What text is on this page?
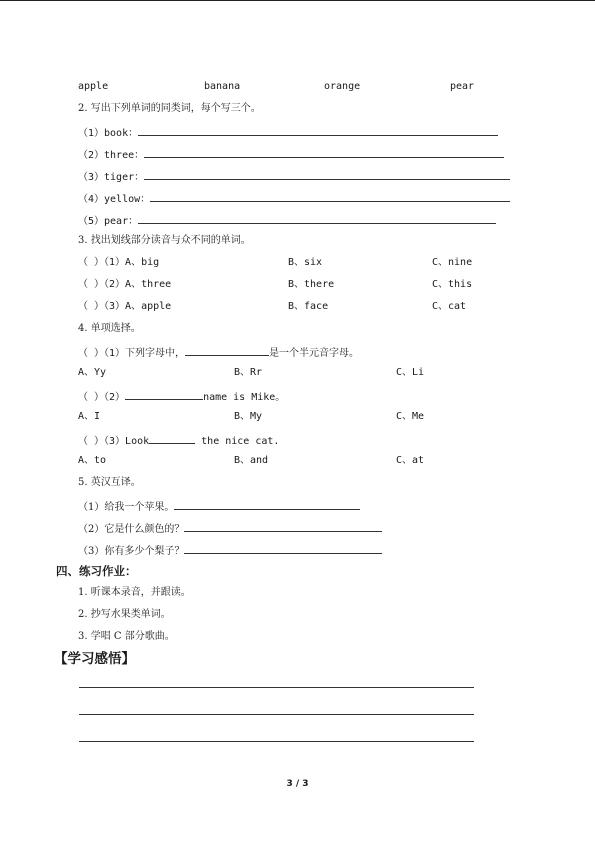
apple	banana	orange	pear
2. 写出下列单词的同类词，每个写三个。
（1）book：
（2）three：
（3）tiger：
（4）yellow：
（5）pear：
3. 找出划线部分读音与众不同的单词。
（ ）（1）A、big	B、six	C、nine
（ ）（2）A、three	B、there	C、this
（ ）（3）A、apple	B、face	C、cat
4. 单项选择。
（ ）（1）下列字母中，	是一个半元音字母。
A、Yy	B、Rr	C、Li
（ ）（2）	name is Mike。
A、I	B、My	C、Me
（ ）（3）Look	the nice cat.
A、to	B、and	C、at
5. 英汉互译。
（1）给我一个苹果。
（2）它是什么颜色的？
（3）你有多少个梨子？
四、练习作业：
1. 听课本录音，并跟读。
2. 抄写水果类单词。
3. 学唱 C 部分歌曲。
【学习感悟】
3 / 3
